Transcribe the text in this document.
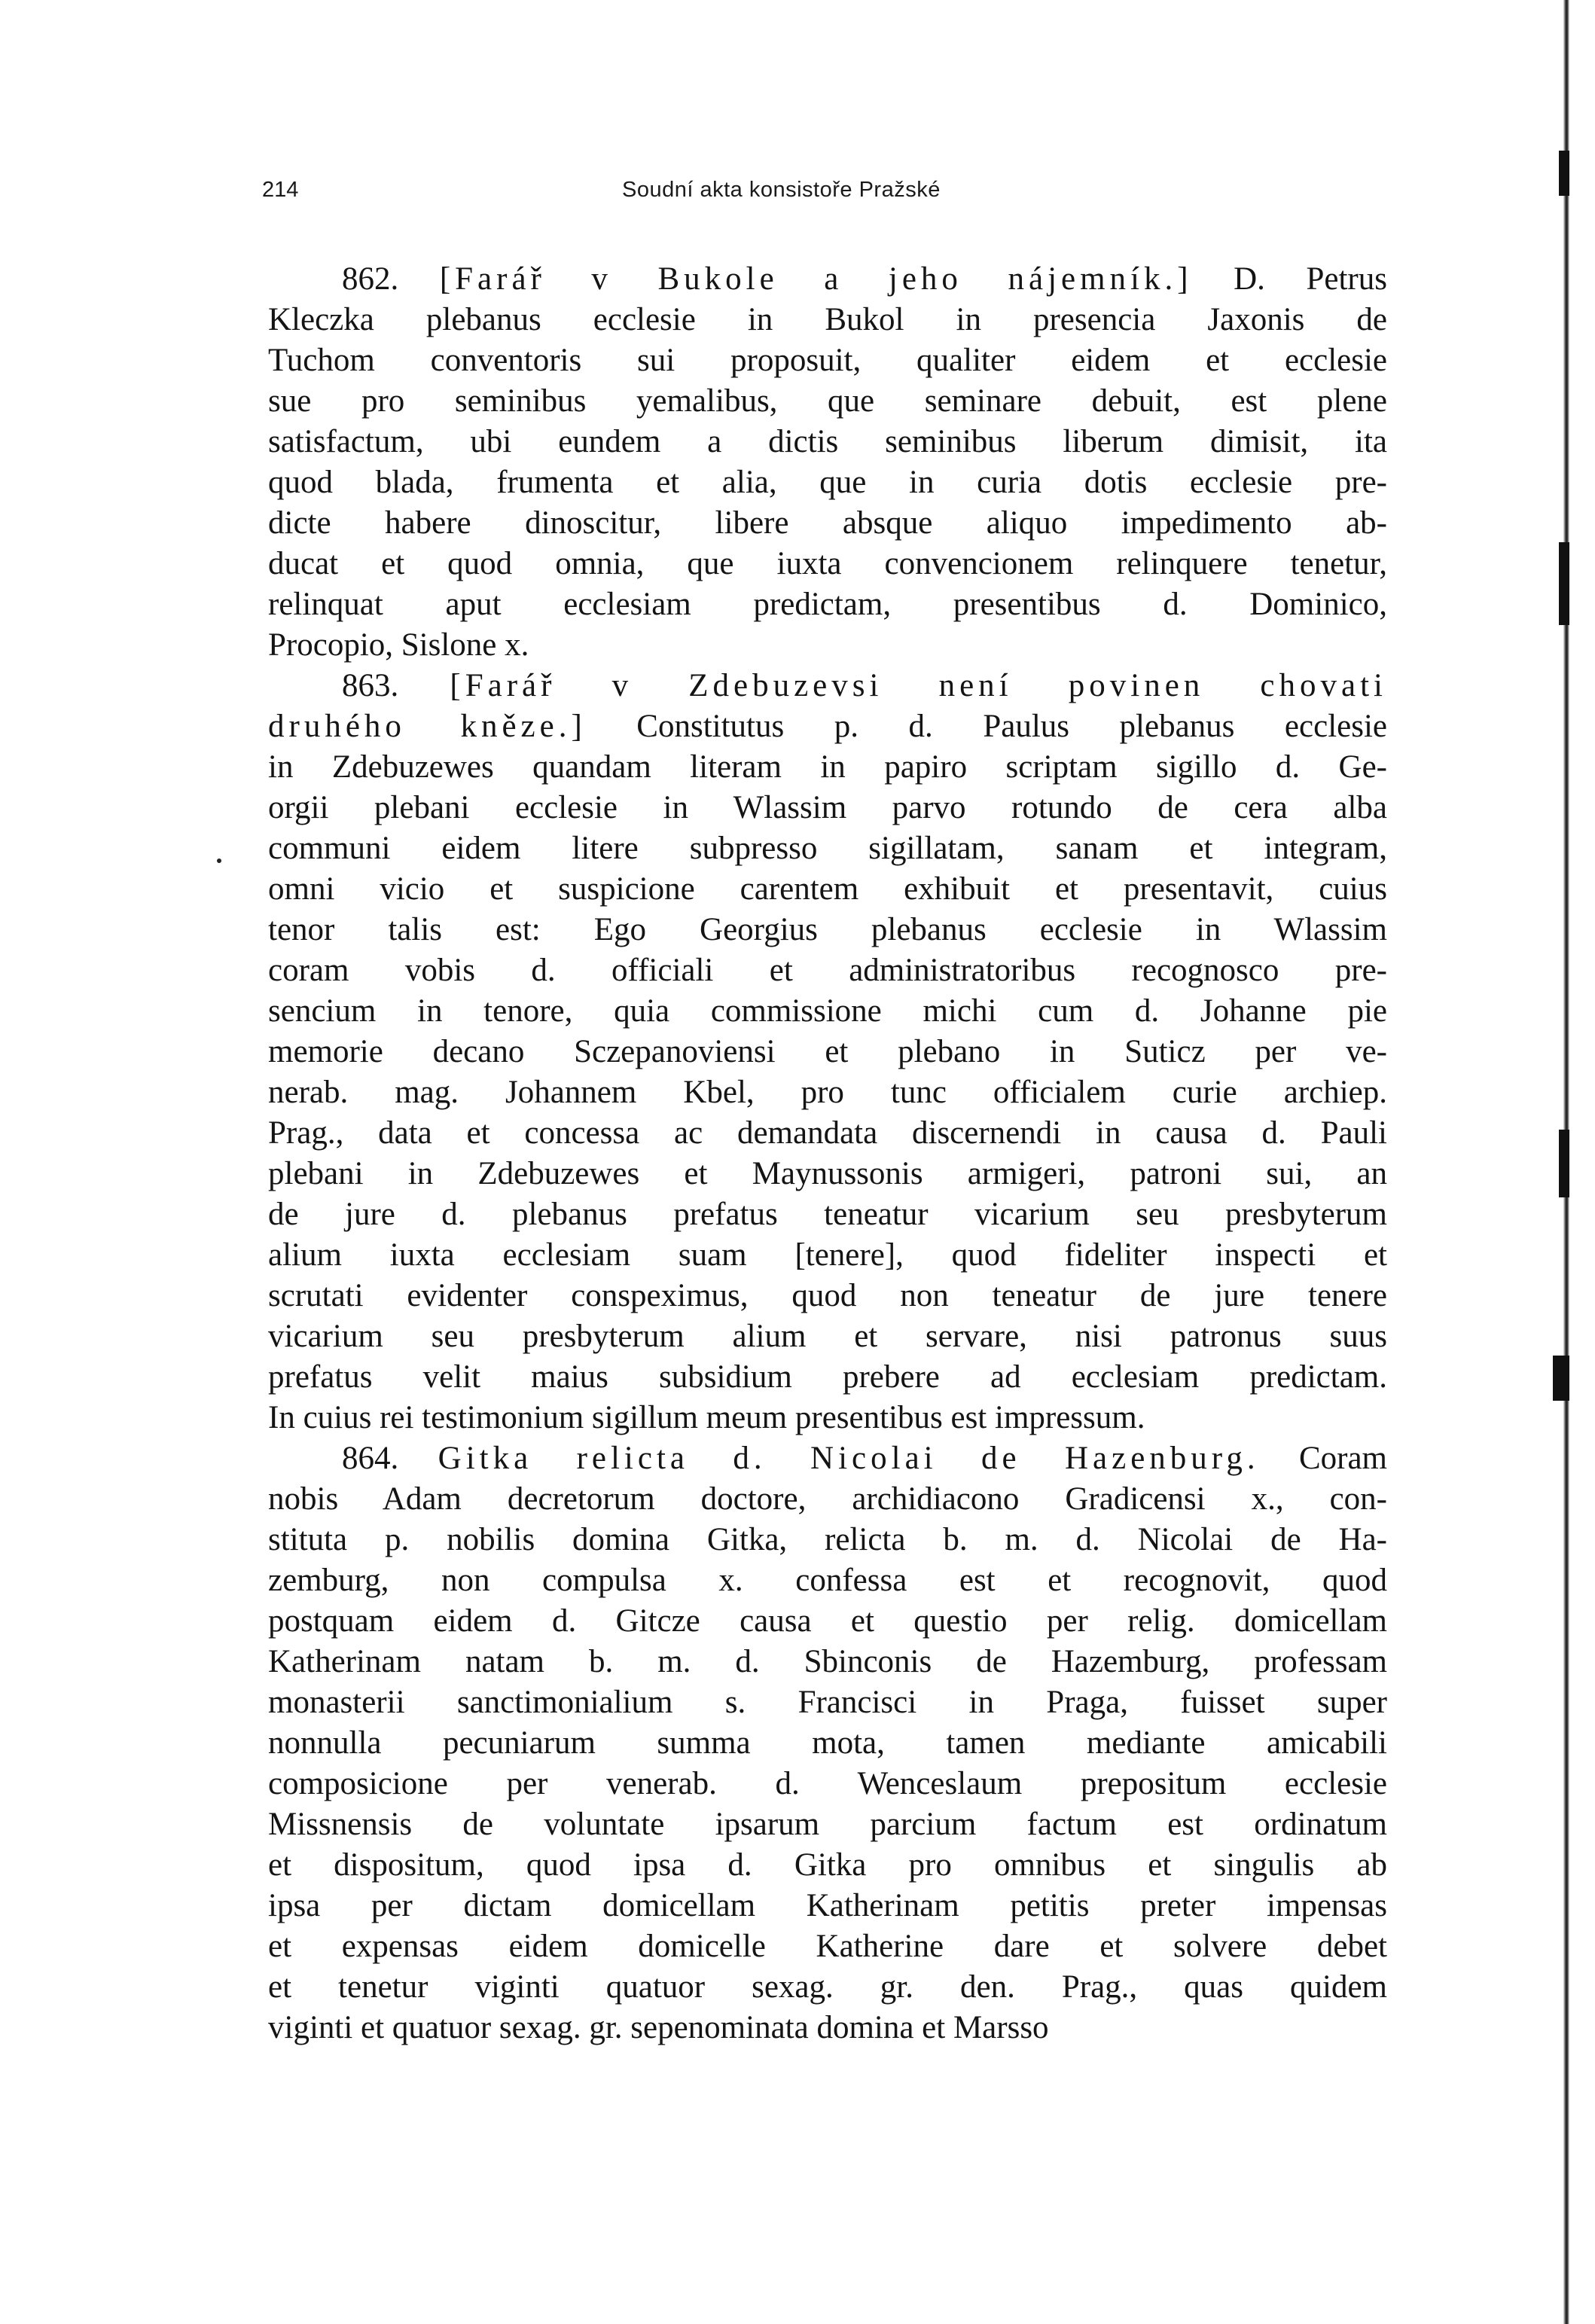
214	Soudní akta konsistoře Pražské
862. [Farář v Bukole a jeho nájemník.] D. Petrus
Kleczka plebanus ecclesie in Bukol in presencia Jaxonis de
Tuchom conventoris sui proposuit, qualiter eidem et ecclesie
sue pro seminibus yemalibus, que seminare debuit, est plene
satisfactum, ubi eundem a dictis seminibus liberum dimisit, ita
quod blada, frumenta et alia, que in curia dotis ecclesie pre-
dicte habere dinoscitur, libere absque aliquo impedimento ab-
ducat et quod omnia, que iuxta convencionem relinquere tenetur,
relinquat aput ecclesiam predictam, presentibus d. Dominico,
Procopio, Sislone x.
863. [Farář v Zdebuzevsi není povinen chovati
druhého kněze.] Constitutus p. d. Paulus plebanus ecclesie
in Zdebuzewes quandam literam in papiro scriptam sigillo d. Ge-
orgii plebani ecclesie in Wlassim parvo rotundo de cera alba
communi eidem litere subpresso sigillatam, sanam et integram,
omni vicio et suspicione carentem exhibuit et presentavit, cuius
tenor talis est: Ego Georgius plebanus ecclesie in Wlassim
coram vobis d. officiali et administratoribus recognosco pre-
sencium in tenore, quia commissione michi cum d. Johanne pie
memorie decano Sczepanoviensi et plebano in Suticz per ve-
nerab. mag. Johannem Kbel, pro tunc officialem curie archiep.
Prag., data et concessa ac demandata discernendi in causa d. Pauli
plebani in Zdebuzewes et Maynussonis armigeri, patroni sui, an
de jure d. plebanus prefatus teneatur vicarium seu presbyterum
alium iuxta ecclesiam suam [tenere], quod fideliter inspecti et
scrutati evidenter conspeximus, quod non teneatur de jure tenere
vicarium seu presbyterum alium et servare, nisi patronus suus
prefatus velit maius subsidium prebere ad ecclesiam predictam.
In cuius rei testimonium sigillum meum presentibus est impressum.
864. Gitka relicta d. Nicolai de Hazenburg. Coram
nobis Adam decretorum doctore, archidiacono Gradicensi x., con-
stituta p. nobilis domina Gitka, relicta b. m. d. Nicolai de Ha-
zemburg, non compulsa x. confessa est et recognovit, quod
postquam eidem d. Gitcze causa et questio per relig. domicellam
Katherinam natam b. m. d. Sbinconis de Hazemburg, professam
monasterii sanctimonialium s. Francisci in Praga, fuisset super
nonnulla pecuniarum summa mota, tamen mediante amicabili
composicione per venerab. d. Wenceslaum prepositum ecclesie
Missnensis de voluntate ipsarum parcium factum est ordinatum
et dispositum, quod ipsa d. Gitka pro omnibus et singulis ab
ipsa per dictam domicellam Katherinam petitis preter impensas
et expensas eidem domicelle Katherine dare et solvere debet
et tenetur viginti quatuor sexag. gr. den. Prag., quas quidem
viginti et quatuor sexag. gr. sepenominata domina et Marsso
